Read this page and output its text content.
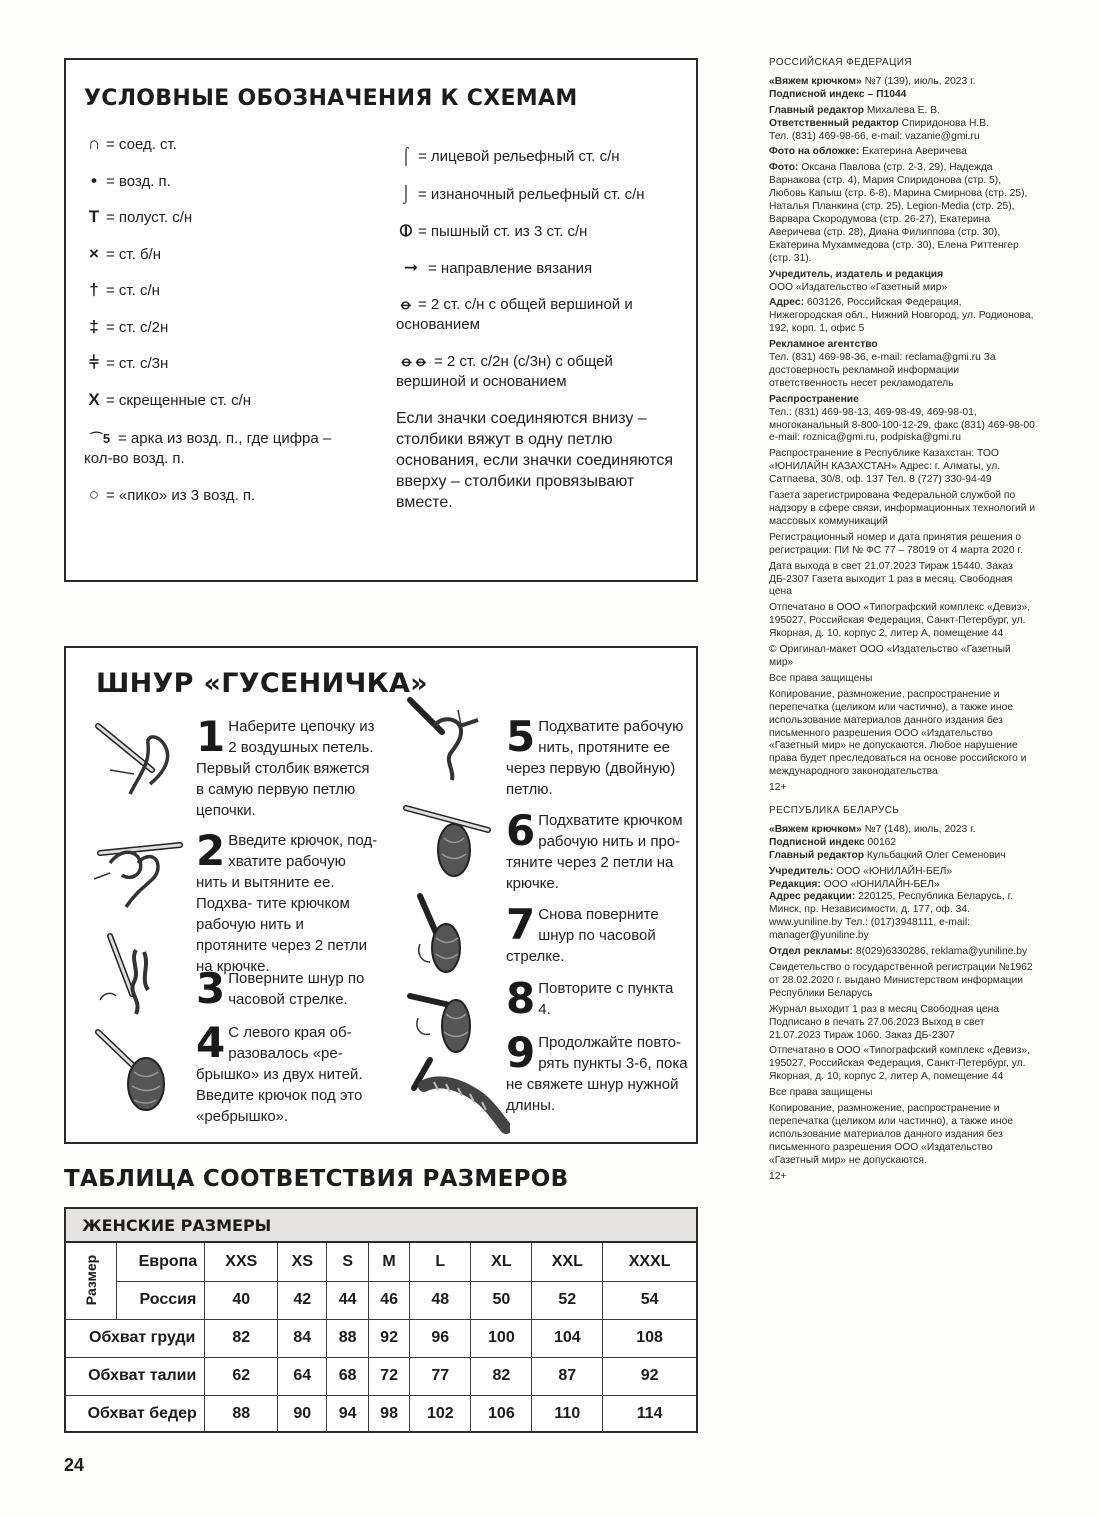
УСЛОВНЫЕ ОБОЗНАЧЕНИЯ К СХЕМАМ
∩ = соед. ст.
• = возд. п.
T = полуст. с/н
× = ст. б/н
† = ст. с/н
‡ = ст. с/2н
⫩ = ст. с/3н
X = скрещенные ст. с/н
⌒5 = арка из возд. п., где цифра – кол-во возд. п.
○ = «пико» из 3 возд. п.
⌠ = лицевой рельефный ст. с/н
⌡ = изнаночный рельефный ст. с/н
⦶ = пышный ст. из 3 ст. с/н
➞ = направление вязания
⦵ = 2 ст. с/н с общей вершиной и основанием
⦵⦵ = 2 ст. с/2н (с/3н) с общей вершиной и основанием
Если значки соединяются внизу – столбики вяжут в одну петлю основания, если значки соединяются вверху – столбики провязывают вместе.
ШНУР «ГУСЕНИЧКА»
1 Наберите цепочку из 2 воздушных петель. Первый столбик вяжется в самую первую петлю цепочки.
2 Введите крючок, под- хватите рабочую нить и вытяните ее. Подхва- тите крючком рабочую нить и протяните через 2 петли на крючке.
3 Поверните шнур по часовой стрелке.
4 С левого края об- разовалось «ре- брышко» из двух нитей. Введите крючок под это «ребрышко».
5 Подхватите рабочую нить, протяните ее через первую (двойную) петлю.
6 Подхватите крючком рабочую нить и про- тяните через 2 петли на крючке.
7 Снова поверните шнур по часовой стрелке.
8 Повторите с пункта 4.
9 Продолжайте повто- рять пункты 3-6, пока не свяжете шнур нужной длины.
ТАБЛИЦА СООТВЕТСТВИЯ РАЗМЕРОВ
ЖЕНСКИЕ РАЗМЕРЫ
Размер	Европа	XXS	XS	S	M	L	XL	XXL	XXXL
	Россия	40	42	44	46	48	50	52	54
Обхват груди		82	84	88	92	96	100	104	108
Обхват талии		62	64	68	72	77	82	87	92
Обхват бедер		88	90	94	98	102	106	110	114
24
РОССИЙСКАЯ ФЕДЕРАЦИЯ
«Вяжем крючком» №7 (139), июль, 2023 г.
Подписной индекс – П1044
Главный редактор Михалева Е. В.
Ответственный редактор Спиридонова Н.В.
Тел. (831) 469-98-66, e-mail: vazanie@gmi.ru
Фото на обложке: Екатерина Аверичева
Фото: Оксана Павлова (стр. 2-3, 29), Надежда Варнакова (стр. 4), Мария Спиридонова (стр. 5), Любовь Капыш (стр. 6-8), Марина Смирнова (стр. 25), Наталья Планкина (стр. 25), Legion-Media (стр. 25), Варвара Скородумова (стр. 26-27), Екатерина Аверичева (стр. 28), Диана Филиппова (стр. 30), Екатерина Мухаммедова (стр. 30), Елена Риттенгер (стр. 31).
Учредитель, издатель и редакция
ООО «Издательство «Газетный мир»
Адрес: 603126, Российская Федерация, Нижегородская обл., Нижний Новгород, ул. Родионова, 192, корп. 1, офис 5
Рекламное агентство
Тел. (831) 469-98-36, e-mail: reclama@gmi.ru За достоверность рекламной информации ответственность несет рекламодатель
Распространение
Тел.: (831) 469-98-13, 469-98-49, 469-98-01, многоканальный 8-800-100-12-29, факс (831) 469-98-00
e-mail: roznica@gmi.ru, podpiska@gmi.ru
Распространение в Республике Казахстан: ТОО «ЮНИЛАЙН КАЗАХСТАН» Адрес: г. Алматы, ул. Сатпаева, 30/8, оф. 137 Тел. 8 (727) 330-94-49
Газета зарегистрирована Федеральной службой по надзору в сфере связи, информационных технологий и массовых коммуникаций
Регистрационный номер и дата принятия решения о регистрации: ПИ № ФС 77 – 78019 от 4 марта 2020 г.
Дата выхода в свет 21.07.2023 Тираж 15440. Заказ ДБ-2307 Газета выходит 1 раз в месяц. Свободная цена
Отпечатано в ООО «Типографский комплекс «Девиз», 195027, Российская Федерация, Санкт-Петербург, ул. Якорная, д. 10, корпус 2, литер А, помещение 44
© Оригинал-макет ООО «Издательство «Газетный мир»
Все права защищены
Копирование, размножение, распространение и перепечатка (целиком или частично), а также иное использование материалов данного издания без письменного разрешения ООО «Издательство «Газетный мир» не допускаются. Любое нарушение права будет преследоваться на основе российского и международного законодательства
12+
РЕСПУБЛИКА БЕЛАРУСЬ
«Вяжем крючком» №7 (148), июль, 2023 г.
Подписной индекс 00162
Главный редактор Кульбацкий Олег Семенович
Учредитель: ООО «ЮНИЛАЙН-БЕЛ»
Редакция: ООО «ЮНИЛАЙН-БЕЛ»
Адрес редакции: 220125, Республика Беларусь, г. Минск, пр. Независимости, д. 177, оф. 34. www.yuniline.by Тел.: (017)3948111, e-mail: manager@yuniline.by
Отдел рекламы: 8(029)6330286, reklama@yuniline.by
Свидетельство о государственной регистрации №1962 от 28.02.2020 г. выдано Министерством информации Республики Беларусь
Журнал выходит 1 раз в месяц Свободная цена Подписано в печать 27.06.2023 Выход в свет 21.07.2023 Тираж 1060. Заказ ДБ-2307
Отпечатано в ООО «Типографский комплекс «Девиз», 195027, Российская Федерация, Санкт-Петербург, ул. Якорная, д. 10, корпус 2, литер А, помещение 44
Все права защищены
Копирование, размножение, распространение и перепечатка (целиком или частично), а также иное использование материалов данного издания без письменного разрешения ООО «Издательство «Газетный мир» не допускаются.
12+
